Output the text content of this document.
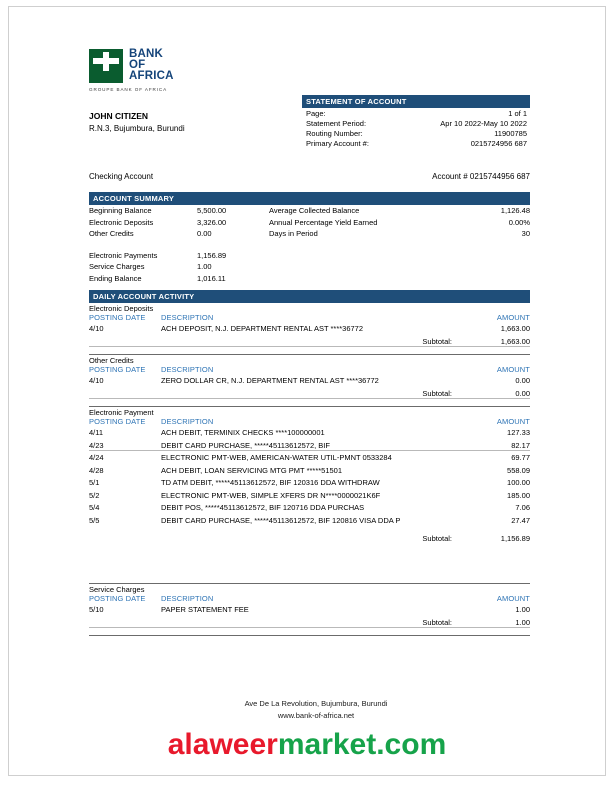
BANK
OF
AFRICA
GROUPE BANK OF AFRICA
JOHN CITIZEN
R.N.3, Bujumbura, Burundi
STATEMENT OF ACCOUNT
Page:	1 of 1
Statement Period:	Apr 10 2022-May 10 2022
Routing Number:	11900785
Primary Account #:	0215724956 687
Checking Account	Account # 0215744956 687
ACCOUNT SUMMARY
Beginning Balance	5,500.00	Average Collected Balance	1,126.48
Electronic Deposits	3,326.00	Annual Percentage Yield Earned	0.00%
Other Credits	0.00	Days in Period	30
Electronic Payments	1,156.89
Service Charges	1.00
Ending Balance	1,016.11
DAILY ACCOUNT ACTIVITY
Electronic Deposits
POSTING DATE	DESCRIPTION	AMOUNT
4/10	ACH DEPOSIT, N.J. DEPARTMENT RENTAL AST ****36772	1,663.00
Subtotal:	1,663.00
Other Credits
POSTING DATE	DESCRIPTION	AMOUNT
4/10	ZERO DOLLAR CR, N.J. DEPARTMENT RENTAL AST ****36772	0.00
Subtotal:	0.00
Electronic Payment
POSTING DATE	DESCRIPTION	AMOUNT
4/11	ACH DEBIT, TERMINIX CHECKS ****100000001	127.33
4/23	DEBIT CARD PURCHASE, *****45113612572, BIF	82.17
4/24	ELECTRONIC PMT-WEB, AMERICAN-WATER UTIL-PMNT 0533284	69.77
4/28	ACH DEBIT, LOAN SERVICING MTG PMT *****51501	558.09
5/1	TD ATM DEBIT, *****45113612572, BIF 120316 DDA WITHDRAW	100.00
5/2	ELECTRONIC PMT-WEB, SIMPLE XFERS DR N****0000021K6F	185.00
5/4	DEBIT POS, *****45113612572, BIF 120716 DDA PURCHAS	7.06
5/5	DEBIT CARD PURCHASE, *****45113612572, BIF 120816 VISA DDA P	27.47
Subtotal:	1,156.89
Service Charges
POSTING DATE	DESCRIPTION	AMOUNT
5/10	PAPER STATEMENT FEE	1.00
Subtotal:	1.00
Ave De La Revolution, Bujumbura, Burundi
www.bank-of-africa.net
alaweermarket.com
